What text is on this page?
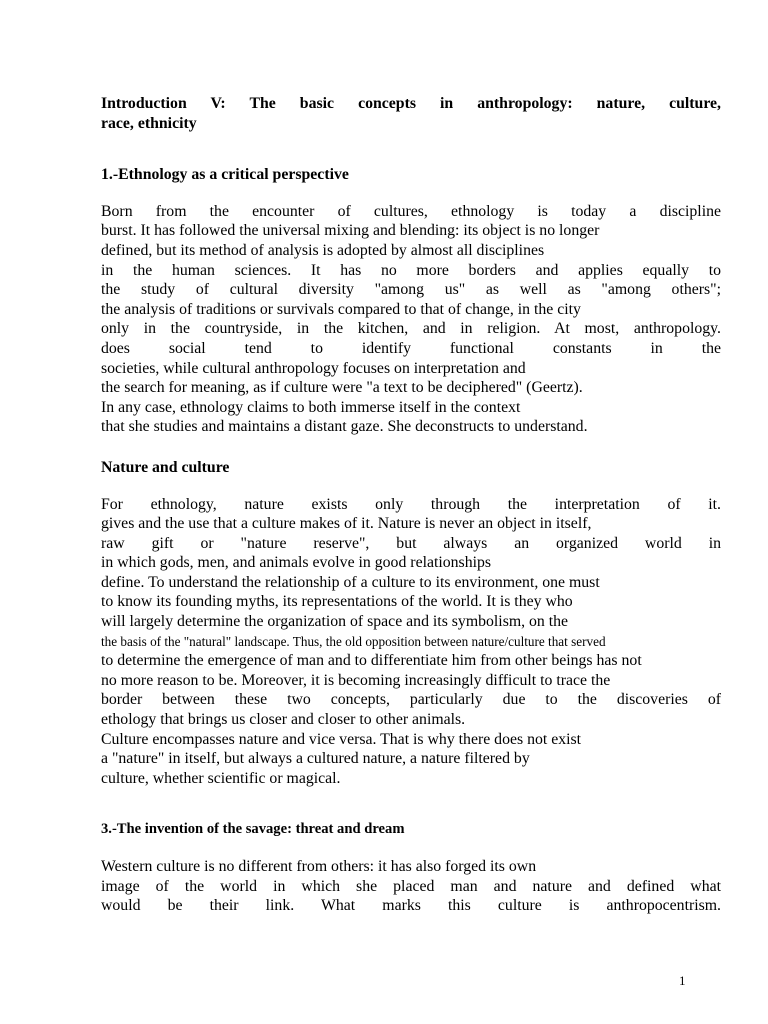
Introduction V: The basic concepts in anthropology: nature, culture,
race, ethnicity
1.-Ethnology as a critical perspective
Born from the encounter of cultures, ethnology is today a discipline
burst. It has followed the universal mixing and blending: its object is no longer
defined, but its method of analysis is adopted by almost all disciplines
in the human sciences. It has no more borders and applies equally to
the study of cultural diversity "among us" as well as "among others";
the analysis of traditions or survivals compared to that of change, in the city
only in the countryside, in the kitchen, and in religion. At most, anthropology.
does social tend to identify functional constants in the
societies, while cultural anthropology focuses on interpretation and
the search for meaning, as if culture were "a text to be deciphered" (Geertz).
In any case, ethnology claims to both immerse itself in the context
that she studies and maintains a distant gaze. She deconstructs to understand.
Nature and culture
For ethnology, nature exists only through the interpretation of it.
gives and the use that a culture makes of it. Nature is never an object in itself,
raw gift or "nature reserve", but always an organized world in
in which gods, men, and animals evolve in good relationships
define. To understand the relationship of a culture to its environment, one must
to know its founding myths, its representations of the world. It is they who
will largely determine the organization of space and its symbolism, on the
the basis of the "natural" landscape. Thus, the old opposition between nature/culture that served
to determine the emergence of man and to differentiate him from other beings has not
no more reason to be. Moreover, it is becoming increasingly difficult to trace the
border between these two concepts, particularly due to the discoveries of
ethology that brings us closer and closer to other animals.
Culture encompasses nature and vice versa. That is why there does not exist
a "nature" in itself, but always a cultured nature, a nature filtered by
culture, whether scientific or magical.
3.-The invention of the savage: threat and dream
Western culture is no different from others: it has also forged its own
image of the world in which she placed man and nature and defined what
would be their link. What marks this culture is anthropocentrism.
1
